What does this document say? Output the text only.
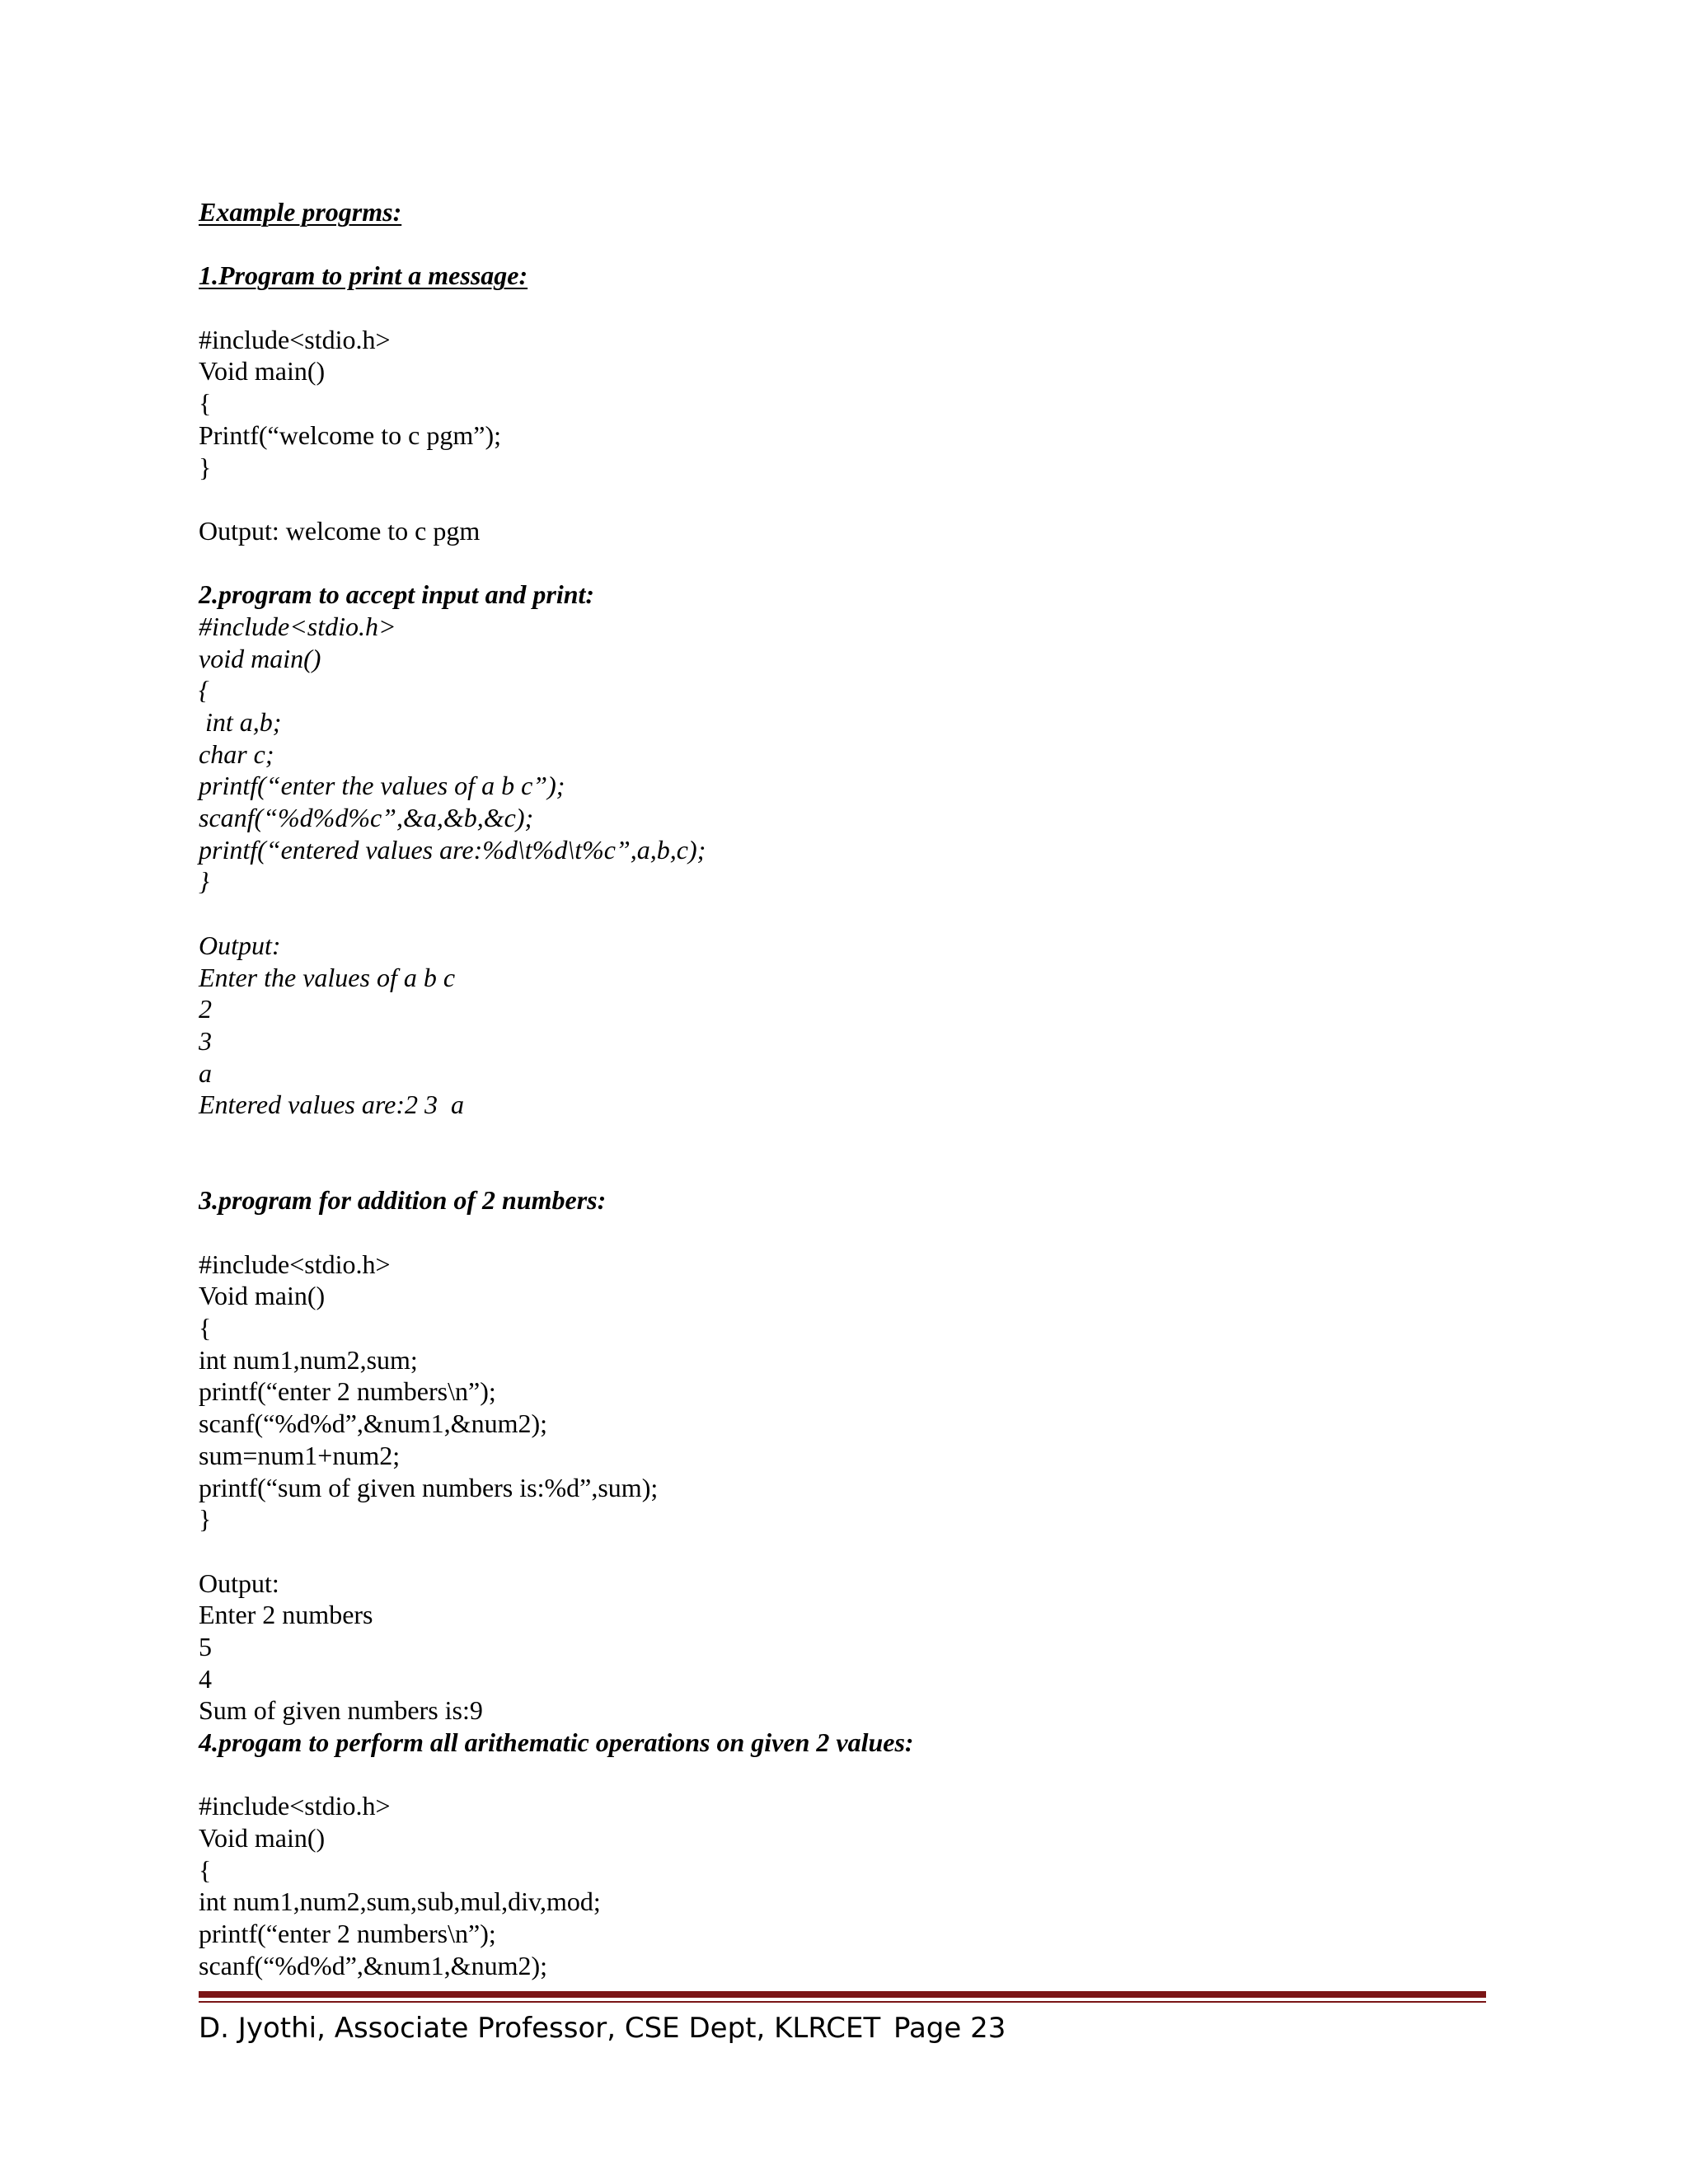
Example progrms:
1.Program to print a message:
#include<stdio.h>
Void main()
{
Printf(“welcome to c pgm”);
}
Output: welcome to c pgm
2.program to accept input and print:
#include<stdio.h>
void main()
{
int a,b;
char c;
printf(“enter the values of a b c”);
scanf(“%d%d%c”,&a,&b,&c);
printf(“entered values are:%d\t%d\t%c”,a,b,c);
}
Output:
Enter the values of a b c
2
3
a
Entered values are:2 3  a
3.program for addition of 2 numbers:
#include<stdio.h>
Void main()
{
int num1,num2,sum;
printf(“enter 2 numbers\n”);
scanf(“%d%d”,&num1,&num2);
sum=num1+num2;
printf(“sum of given numbers is:%d”,sum);
}
Output:
Enter 2 numbers
5
4
Sum of given numbers is:9
4.progam to perform all arithematic operations on given 2 values:
#include<stdio.h>
Void main()
{
int num1,num2,sum,sub,mul,div,mod;
printf(“enter 2 numbers\n”);
scanf(“%d%d”,&num1,&num2);
D. Jyothi, Associate Professor, CSE Dept, KLRCET Page 23
